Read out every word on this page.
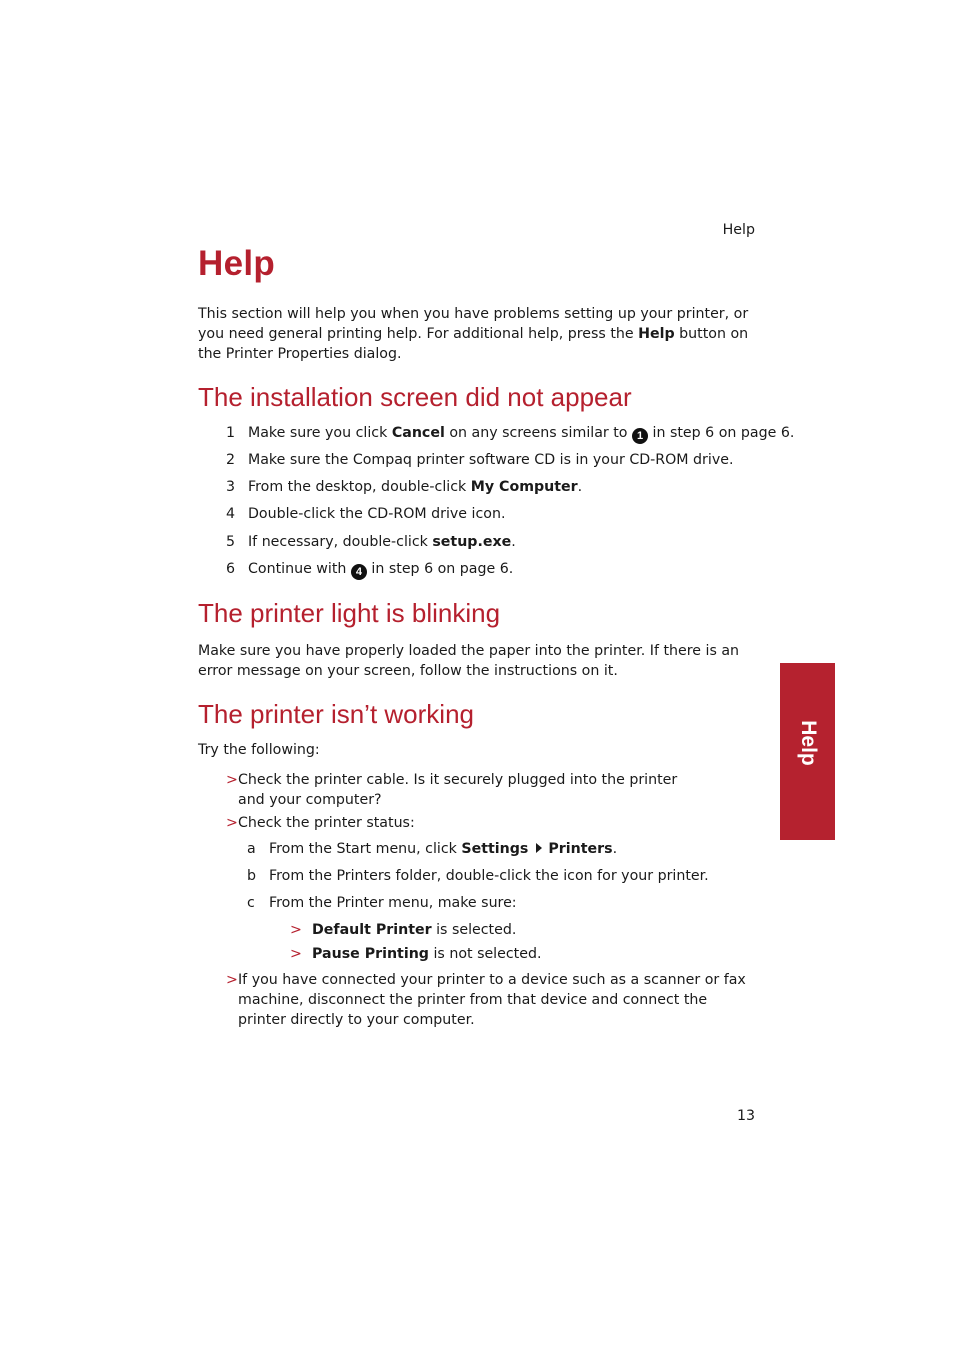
Help
Help

This section will help you when you have problems setting up your printer, or you need general printing help. For additional help, press the Help button on the Printer Properties dialog.

The installation screen did not appear
1 Make sure you click Cancel on any screens similar to 1 in step 6 on page 6.
2 Make sure the Compaq printer software CD is in your CD-ROM drive.
3 From the desktop, double-click My Computer.
4 Double-click the CD-ROM drive icon.
5 If necessary, double-click setup.exe.
6 Continue with 4 in step 6 on page 6.
The printer light is blinking

Make sure you have properly loaded the paper into the printer. If there is an error message on your screen, follow the instructions on it.

The printer isn’t working
Try the following:
> Check the printer cable. Is it securely plugged into the printer and your computer?
> Check the printer status:
a From the Start menu, click Settings Printers.
b From the Printers folder, double-click the icon for your printer.
c From the Printer menu, make sure:
> Default Printer is selected.
> Pause Printing is not selected.
> If you have connected your printer to a device such as a scanner or fax machine, disconnect the printer from that device and connect the printer directly to your computer.
Help
13
